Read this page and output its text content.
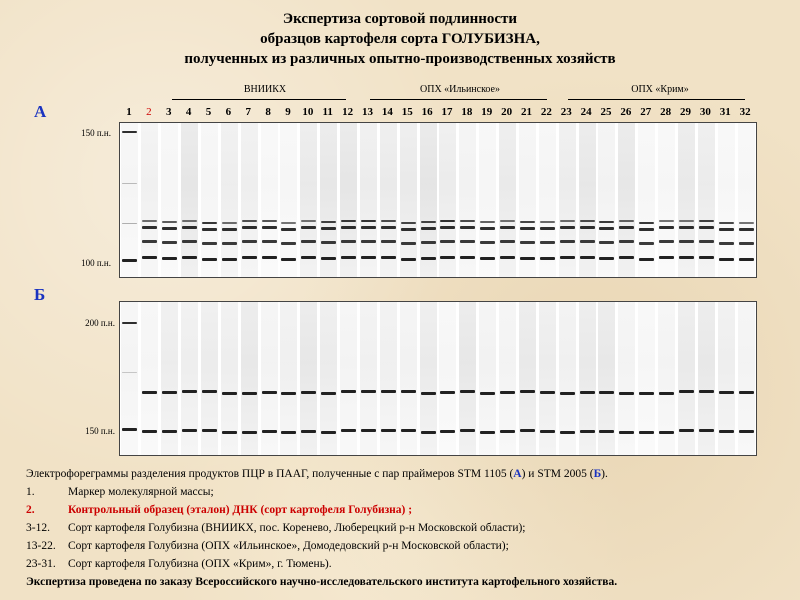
Экспертиза сортовой подлинности
образцов картофеля сорта ГОЛУБИЗНА,
полученных из различных опытно-производственных хозяйств
А
Б
ВНИИКХ	ОПХ «Ильинское»	ОПХ «Крим»
1	2	3	4	5	6	7	8	9	10 11 12 13 14 15 16 17 18 19 20 21 22 23 24 25 26 27 28 29 30 31 32
150 п.н.
100 п.н.
200 п.н.
150 п.н.
Электрофореграммы разделения продуктов ПЦР в ПААГ, полученные с пар праймеров STM 1105 (А) и STM 2005 (Б).
1.	Маркер молекулярной массы;
2.	Контрольный образец (эталон) ДНК (сорт картофеля Голубизна) ;
3-12. Сорт картофеля Голубизна (ВНИИКХ, пос. Коренево, Люберецкий р-н Московской области);
13-22. Сорт картофеля Голубизна (ОПХ «Ильинское», Домодедовский р-н Московской области);
23-31. Сорт картофеля Голубизна (ОПХ «Крим», г. Тюмень).
Экспертиза проведена по заказу Всероссийского научно-исследовательского института картофельного хозяйства.
